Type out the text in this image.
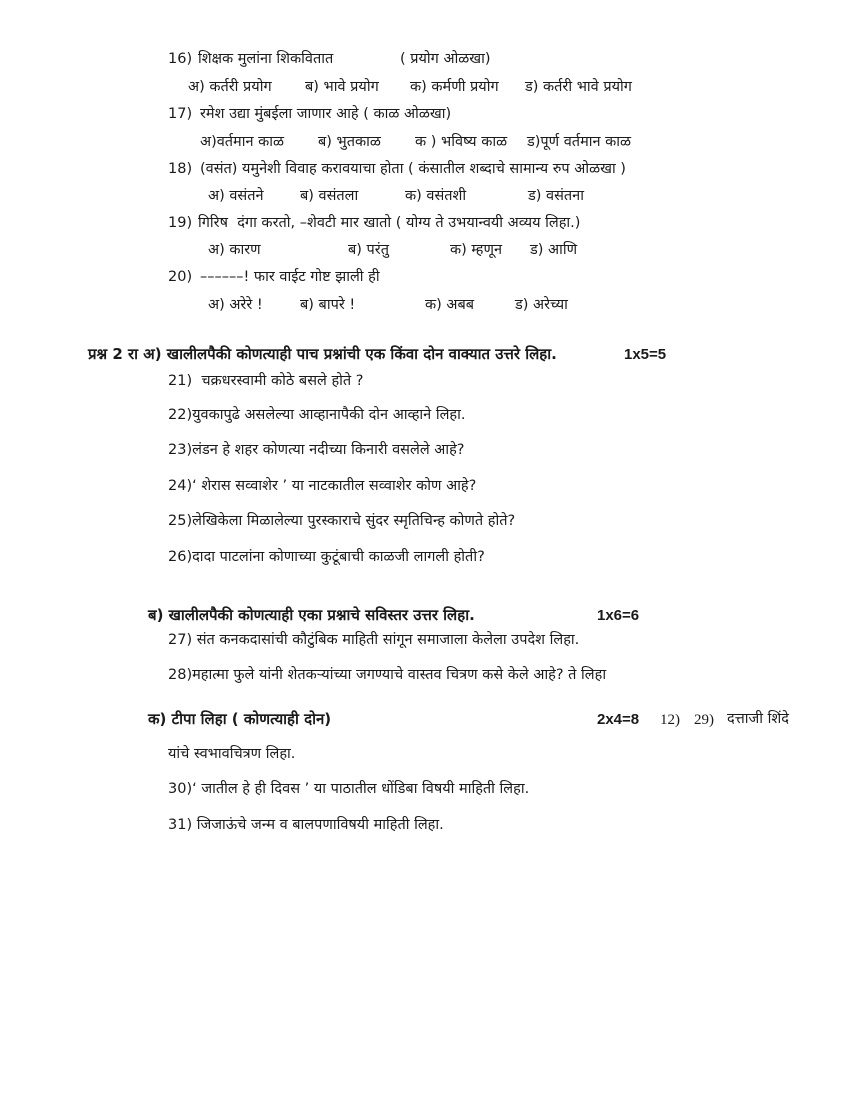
16) शिक्षक मुलांना शिकवितात	( प्रयोग ओळखा)
अ) कर्तरी प्रयोग ब) भावे प्रयोग क) कर्मणी प्रयोग ड) कर्तरी भावे प्रयोग
17) रमेश उद्या मुंबईला जाणार आहे ( काळ ओळखा)
अ)वर्तमान काळ ब) भुतकाळ क ) भविष्य काळ ड)पूर्ण वर्तमान काळ
18) (वसंत) यमुनेशी विवाह करावयाचा होता ( कंसातील शब्दाचे सामान्य रुप ओळखा )
अ) वसंतने	ब) वसंतला	क) वसंतशी	ड) वसंतना
19) गिरिष  दंगा करतो, –शेवटी मार खातो ( योग्य ते उभयान्वयी अव्यय लिहा.)
अ) कारण	ब) परंतु	क) म्हणून ड) आणि
20) ––––––! फार वाईट गोष्ट झाली ही
अ) अरेरे !	ब) बापरे !	क) अबब	ड) अरेच्या
प्रश्न 2 रा अ) खालीलपैकी कोणत्याही पाच प्रश्नांची एक किंवा दोन वाक्यात उत्तरे लिहा.	1x5=5
21)  चक्रधरस्वामी कोठे बसले होते ?
22)युवकापुढे असलेल्या आव्हानापैकी दोन आव्हाने लिहा.
23)लंडन हे शहर कोणत्या नदीच्या किनारी वसलेले आहे?
24)‘ शेरास सव्वाशेर ’ या नाटकातील सव्वाशेर कोण आहे?
25)लेखिकेला मिळालेल्या पुरस्काराचे सुंदर स्मृतिचिन्ह कोणते होते?
26)दादा पाटलांना कोणाच्या कुटूंबाची काळजी लागली होती?
ब) खालीलपैकी कोणत्याही एका प्रश्नाचे सविस्तर उत्तर लिहा.	1x6=6
27) संत कनकदासांची कौटुंबिक माहिती सांगून समाजाला केलेला उपदेश लिहा.
28)महात्मा फुले यांनी शेतकऱ्यांच्या जगण्याचे वास्तव चित्रण कसे केले आहे? ते लिहा
क) टीपा लिहा ( कोणत्याही दोन)	2x4=8 12) 29) दत्ताजी शिंदे
यांचे स्वभावचित्रण लिहा.
30)‘ जातील हे ही दिवस ’ या पाठातील धोंडिबा विषयी माहिती लिहा.
31) जिजाऊंचे जन्म व बालपणाविषयी माहिती लिहा.
